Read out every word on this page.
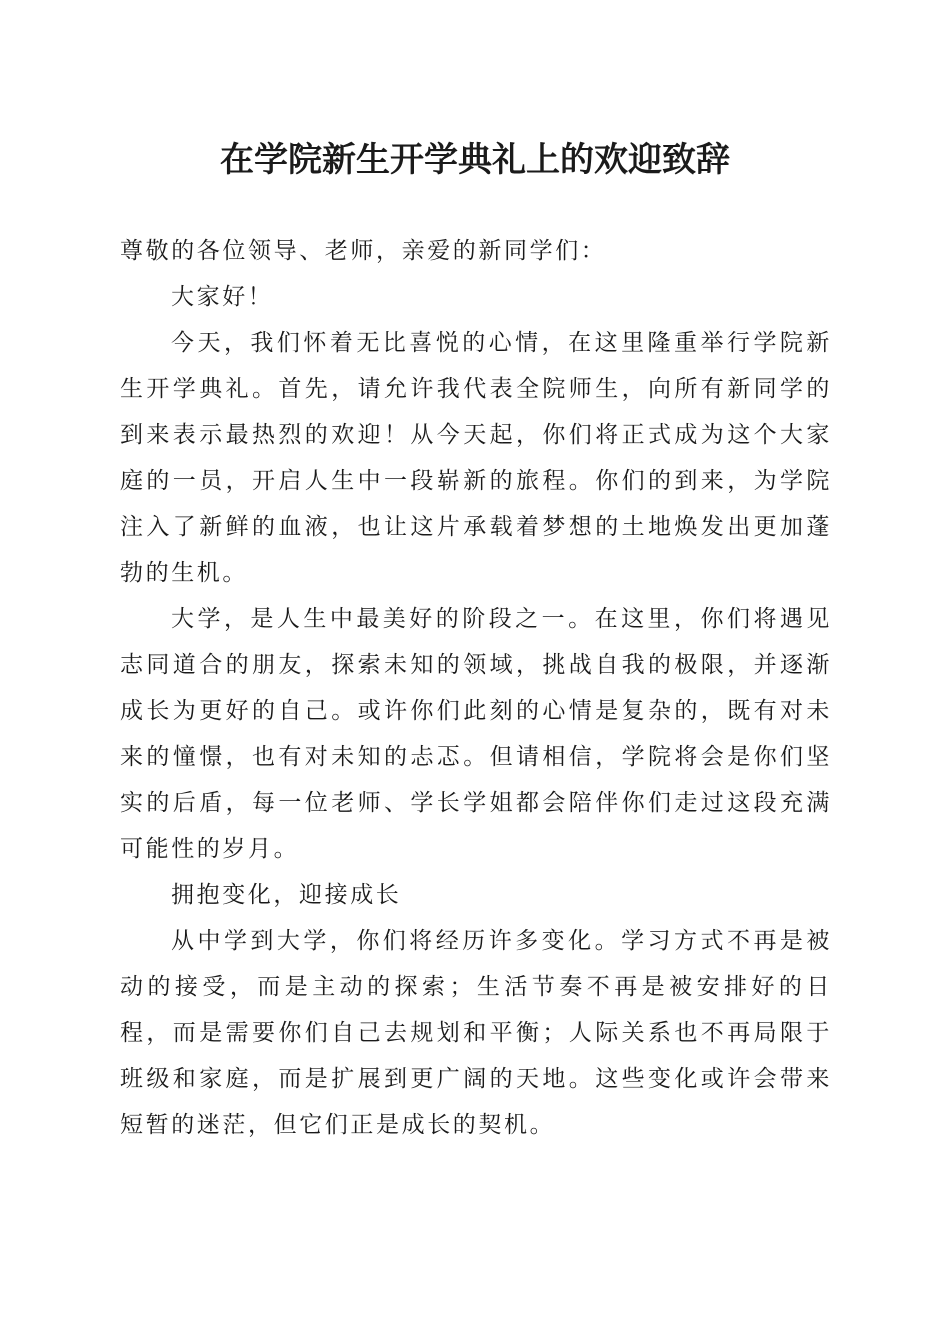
在学院新生开学典礼上的欢迎致辞

尊敬的各位领导、老师，亲爱的新同学们：

大家好！

今天，我们怀着无比喜悦的心情，在这里隆重举行学院新生开学典礼。首先，请允许我代表全院师生，向所有新同学的到来表示最热烈的欢迎！从今天起，你们将正式成为这个大家庭的一员，开启人生中一段崭新的旅程。你们的到来，为学院注入了新鲜的血液，也让这片承载着梦想的土地焕发出更加蓬勃的生机。

大学，是人生中最美好的阶段之一。在这里，你们将遇见志同道合的朋友，探索未知的领域，挑战自我的极限，并逐渐成长为更好的自己。或许你们此刻的心情是复杂的，既有对未来的憧憬，也有对未知的忐忑。但请相信，学院将会是你们坚实的后盾，每一位老师、学长学姐都会陪伴你们走过这段充满可能性的岁月。

拥抱变化，迎接成长

从中学到大学，你们将经历许多变化。学习方式不再是被动的接受，而是主动的探索；生活节奏不再是被安排好的日程，而是需要你们自己去规划和平衡；人际关系也不再局限于班级和家庭，而是扩展到更广阔的天地。这些变化或许会带来短暂的迷茫，但它们正是成长的契机。
